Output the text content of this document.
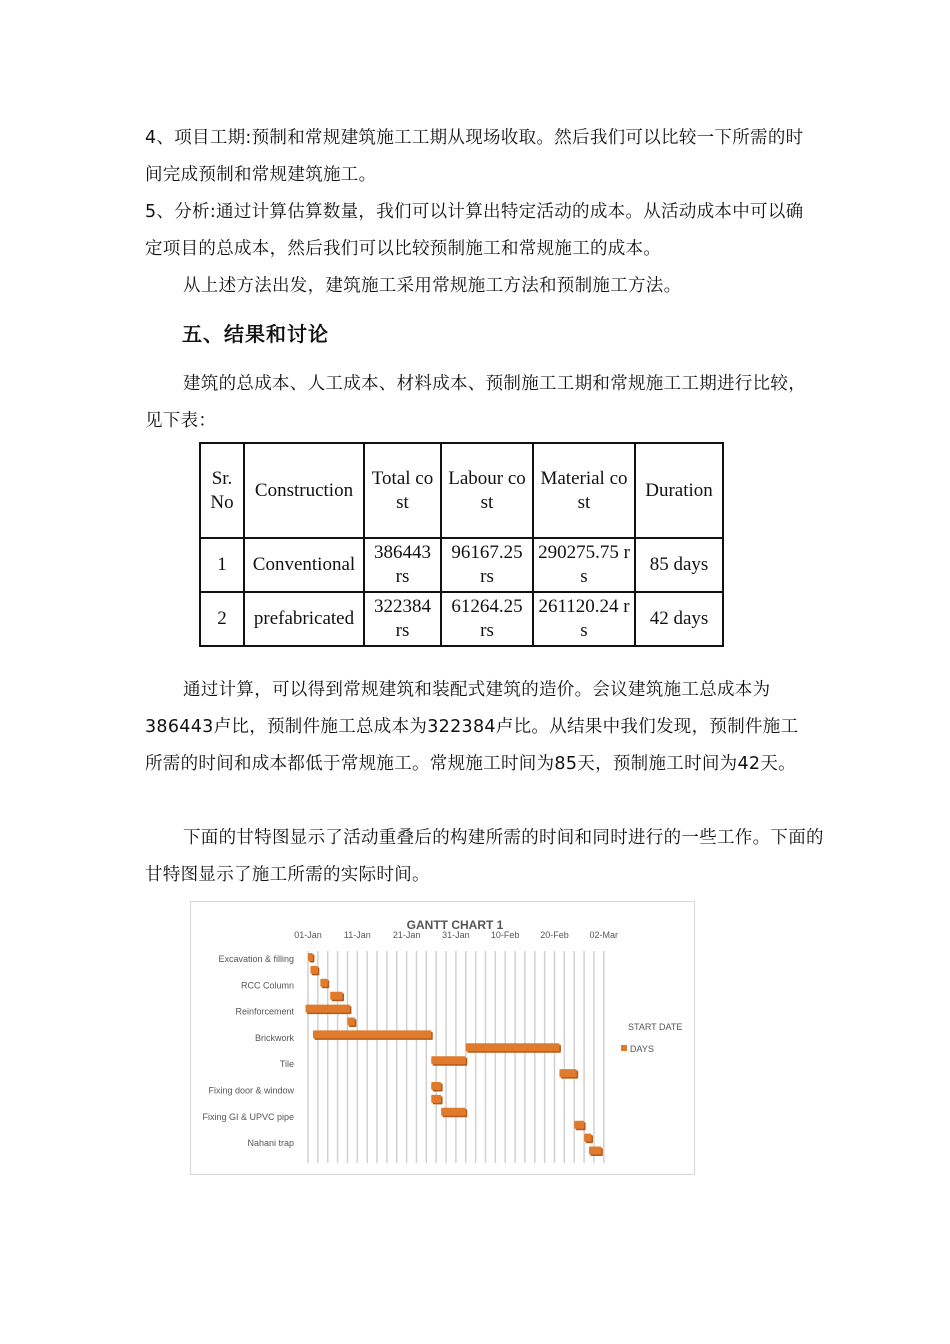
4、项目工期:预制和常规建筑施工工期从现场收取。然后我们可以比较一下所需的时间完成预制和常规建筑施工。

5、分析:通过计算估算数量，我们可以计算出特定活动的成本。从活动成本中可以确定项目的总成本，然后我们可以比较预制施工和常规施工的成本。

从上述方法出发，建筑施工采用常规施工方法和预制施工方法。

五、结果和讨论

建筑的总成本、人工成本、材料成本、预制施工工期和常规施工工期进行比较，见下表：

Sr.No	Construction	Total cost	Labour cost	Material cost	Duration
1	Conventional	386443 rs	96167.25 rs	290275.75 rs	85 days
2	prefabricated	322384 rs	61264.25 rs	261120.24 rs	42 days

通过计算，可以得到常规建筑和装配式建筑的造价。会议建筑施工总成本为386443卢比，预制件施工总成本为322384卢比。从结果中我们发现，预制件施工所需的时间和成本都低于常规施工。常规施工时间为85天，预制施工时间为42天。

下面的甘特图显示了活动重叠后的构建所需的时间和同时进行的一些工作。下面的甘特图显示了施工所需的实际时间。

GANTT CHART 1
01-Jan 11-Jan 21-Jan 31-Jan 10-Feb 20-Feb 02-Mar
Excavation & filling
RCC Column
Reinforcement
Brickwork
Tile
Fixing door & window
Fixing GI & UPVC pipe
Nahani trap
START DATE
DAYS
